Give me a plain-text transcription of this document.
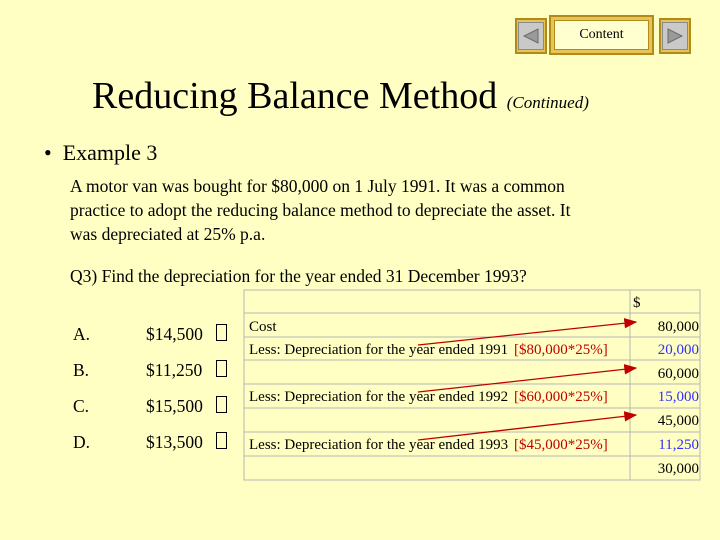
Content
Reducing Balance Method (Continued)
•  Example 3
A motor van was bought for $80,000 on 1 July 1991. It was a common
practice to adopt the reducing balance method to depreciate the asset. It
was depreciated at 25% p.a.
Q3) Find the depreciation for the year ended 31 December 1993?
A.	$14,500
B.	$11,250
C.	$15,500
D.	$13,500
$
Cost	80,000
Less: Depreciation for the year ended 1991 [$80,000*25%]	20,000
60,000
Less: Depreciation for the year ended 1992 [$60,000*25%]	15,000
45,000
Less: Depreciation for the year ended 1993 [$45,000*25%]	11,250
30,000
